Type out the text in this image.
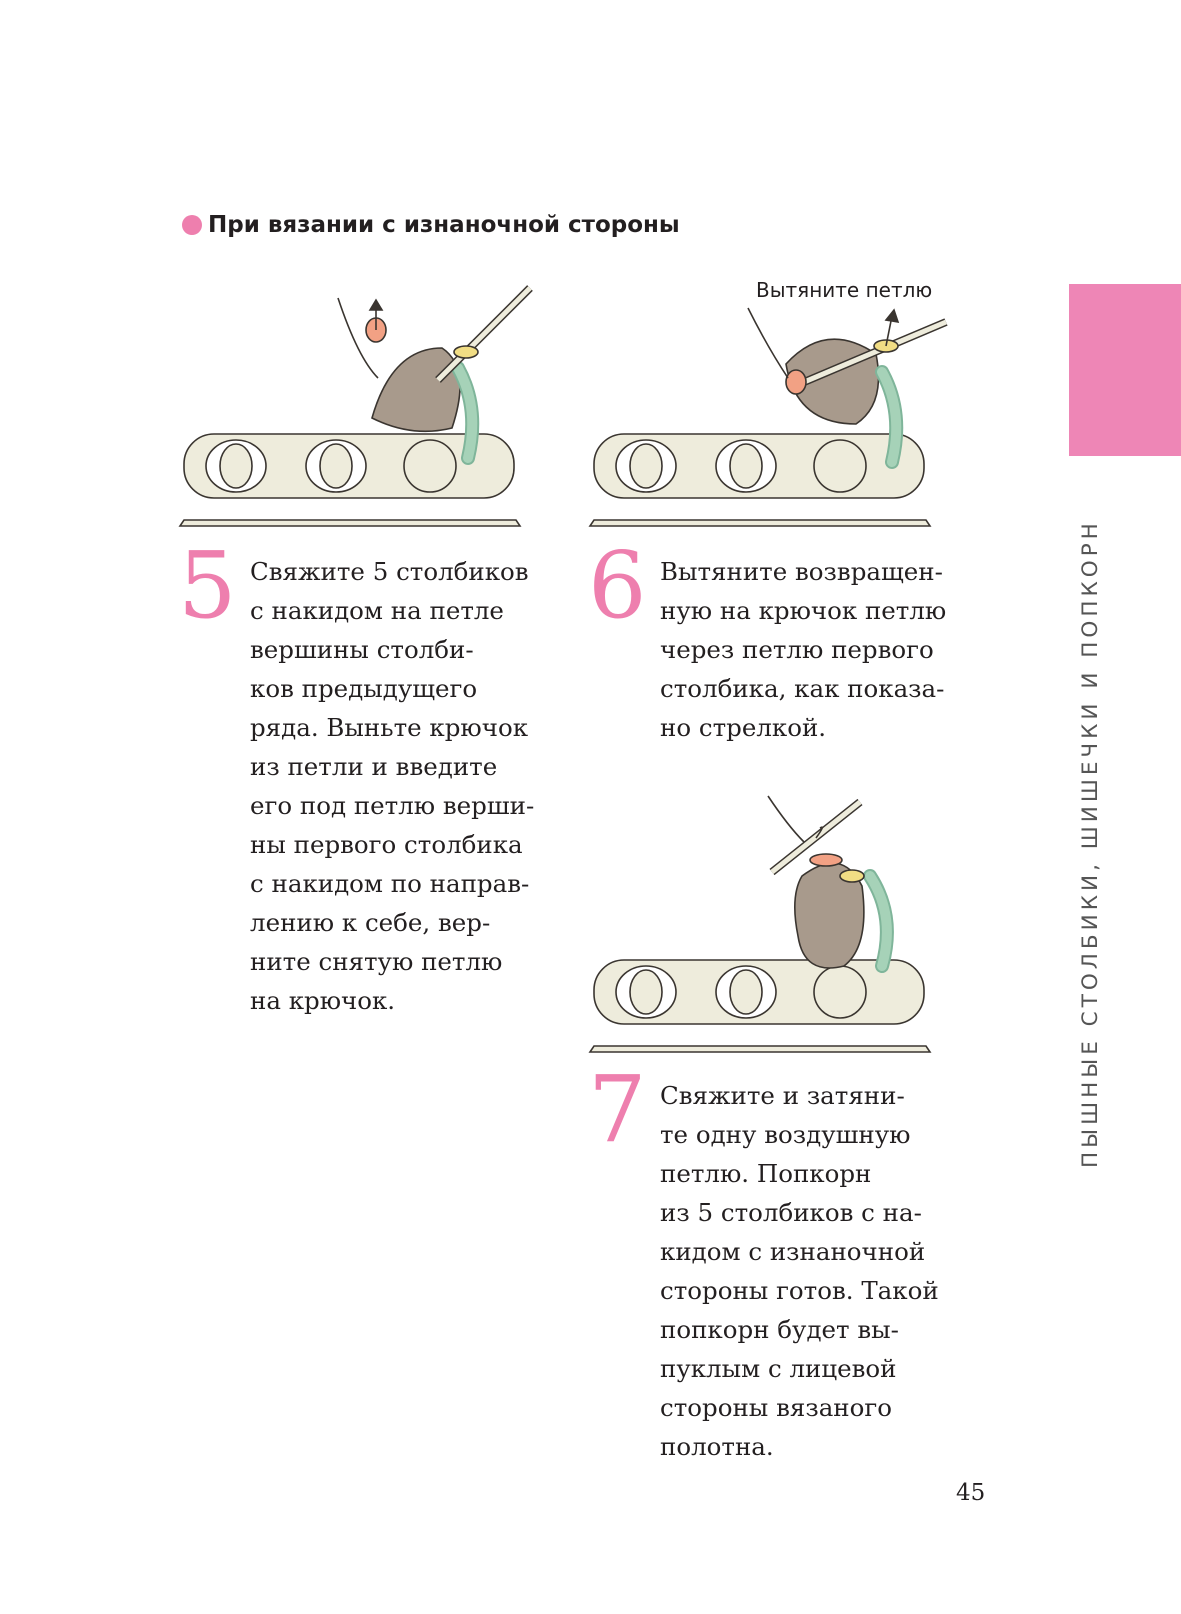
При вязании с изнаночной стороны
ПЫШНЫЕ СТОЛБИКИ, ШИШЕЧКИ И ПОПКОРН
Вытяните петлю
5 Свяжите 5 столбиков
с накидом на петле
вершины столби-
ков предыдущего
ряда. Выньте крючок
из петли и введите
его под петлю верши-
ны первого столбика
с накидом по направ-
лению к себе, вер-
ните снятую петлю
на крючок.

6 Вытяните возвращен-
ную на крючок петлю
через петлю первого
столбика, как показа-
но стрелкой.

7 Свяжите и затяни-
те одну воздушную
петлю. Попкорн
из 5 столбиков с на-
кидом с изнаночной
стороны готов. Такой
попкорн будет вы-
пуклым с лицевой
стороны вязаного
полотна.

45
